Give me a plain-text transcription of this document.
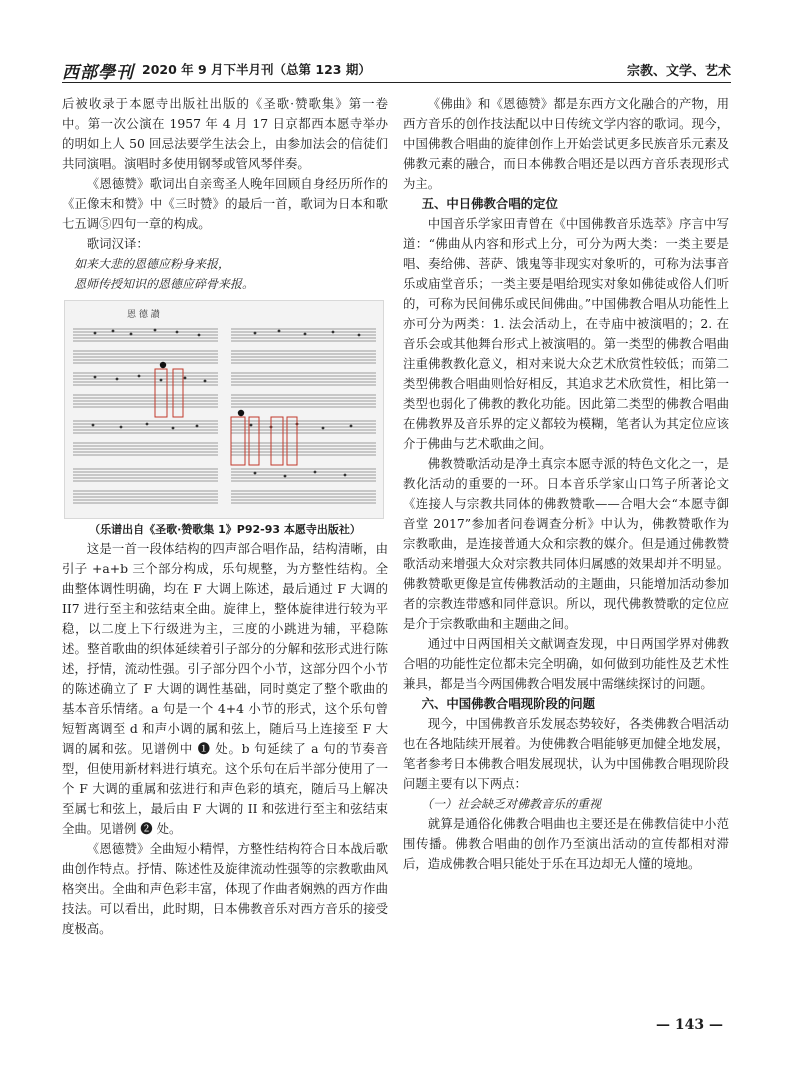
西部學刊 2020 年 9 月下半月刊（总第 123 期）	宗教、文学、艺术

后被收录于本愿寺出版社出版的《圣歌·赞歌集》第一卷中。第一次公演在 1957 年 4 月 17 日京都西本愿寺举办的明如上人 50 回忌法要学生法会上，由参加法会的信徒们共同演唱。演唱时多使用钢琴或管风琴伴奏。

《恩德赞》歌词出自亲鸾圣人晚年回顾自身经历所作的《正像末和赞》中《三时赞》的最后一首，歌词为日本和歌七五调⑤四句一章的构成。

歌词汉译：

如来大悲的恩德应粉身来报，

恩师传授知识的恩德应碎骨来报。

恩 德 讃

（乐谱出自《圣歌·赞歌集 1》P92-93 本愿寺出版社）

这是一首一段体结构的四声部合唱作品，结构清晰，由引子 +a+b 三个部分构成，乐句规整，为方整性结构。全曲整体调性明确，均在 F 大调上陈述，最后通过 F 大调的 II7 进行至主和弦结束全曲。旋律上，整体旋律进行较为平稳，以二度上下行级进为主，三度的小跳进为辅，平稳陈述。整首歌曲的织体延续着引子部分的分解和弦形式进行陈述，抒情，流动性强。引子部分四个小节，这部分四个小节的陈述确立了 F 大调的调性基础，同时奠定了整个歌曲的基本音乐情绪。a 句是一个 4+4 小节的形式，这个乐句曾短暂离调至 d 和声小调的属和弦上，随后马上连接至 F 大调的属和弦。见谱例中 ❶ 处。b 句延续了 a 句的节奏音型，但使用新材料进行填充。这个乐句在后半部分使用了一个 F 大调的重属和弦进行和声色彩的填充，随后马上解决至属七和弦上，最后由 F 大调的 II 和弦进行至主和弦结束全曲。见谱例 ❷ 处。

《恩德赞》全曲短小精悍，方整性结构符合日本战后歌曲创作特点。抒情、陈述性及旋律流动性强等的宗教歌曲风格突出。全曲和声色彩丰富，体现了作曲者娴熟的西方作曲技法。可以看出，此时期，日本佛教音乐对西方音乐的接受度极高。

《佛曲》和《恩德赞》都是东西方文化融合的产物，用西方音乐的创作技法配以中日传统文学内容的歌词。现今，中国佛教合唱曲的旋律创作上开始尝试更多民族音乐元素及佛教元素的融合，而日本佛教合唱还是以西方音乐表现形式为主。

五、中日佛教合唱的定位

中国音乐学家田青曾在《中国佛教音乐选萃》序言中写道：“佛曲从内容和形式上分，可分为两大类：一类主要是唱、奏给佛、菩萨、饿鬼等非现实对象听的，可称为法事音乐或庙堂音乐；一类主要是唱给现实对象如佛徒或俗人们听的，可称为民间佛乐或民间佛曲。”中国佛教合唱从功能性上亦可分为两类：1. 法会活动上，在寺庙中被演唱的；2. 在音乐会或其他舞台形式上被演唱的。第一类型的佛教合唱曲注重佛教教化意义，相对来说大众艺术欣赏性较低；而第二类型佛教合唱曲则恰好相反，其追求艺术欣赏性，相比第一类型也弱化了佛教的教化功能。因此第二类型的佛教合唱曲在佛教界及音乐界的定义都较为模糊，笔者认为其定位应该介于佛曲与艺术歌曲之间。

佛教赞歌活动是净土真宗本愿寺派的特色文化之一，是教化活动的重要的一环。日本音乐学家山口笃子所著论文《连接人与宗教共同体的佛教赞歌——合唱大会“本愿寺御音堂 2017”参加者问卷调查分析》中认为，佛教赞歌作为宗教歌曲，是连接普通大众和宗教的媒介。但是通过佛教赞歌活动来增强大众对宗教共同体归属感的效果却并不明显。佛教赞歌更像是宣传佛教活动的主题曲，只能增加活动参加者的宗教连带感和同伴意识。所以，现代佛教赞歌的定位应是介于宗教歌曲和主题曲之间。

通过中日两国相关文献调查发现，中日两国学界对佛教合唱的功能性定位都未完全明确，如何做到功能性及艺术性兼具，都是当今两国佛教合唱发展中需继续探讨的问题。

六、中国佛教合唱现阶段的问题

现今，中国佛教音乐发展态势较好，各类佛教合唱活动也在各地陆续开展着。为使佛教合唱能够更加健全地发展，笔者参考日本佛教合唱发展现状，认为中国佛教合唱现阶段问题主要有以下两点：

（一）社会缺乏对佛教音乐的重视

就算是通俗化佛教合唱曲也主要还是在佛教信徒中小范围传播。佛教合唱曲的创作乃至演出活动的宣传都相对滞后，造成佛教合唱只能处于乐在耳边却无人懂的境地。

— 143 —
